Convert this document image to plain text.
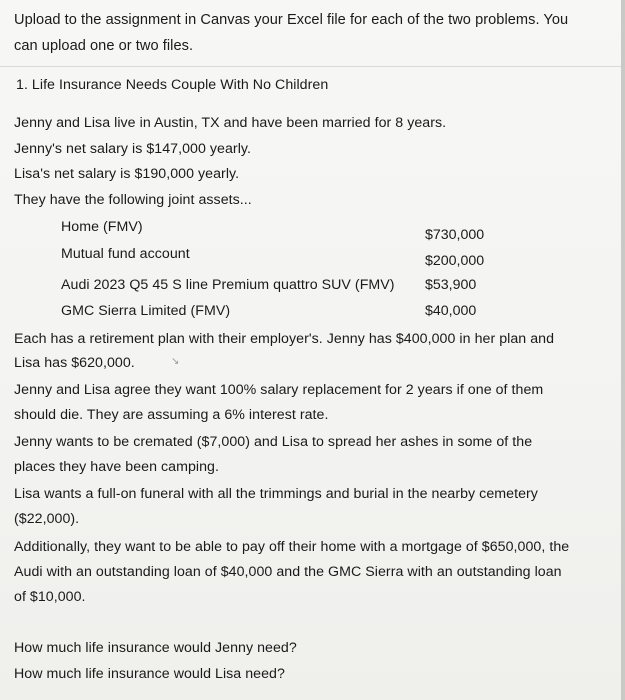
Upload to the assignment in Canvas your Excel file for each of the two problems. You
can upload one or two files.
1. Life Insurance Needs Couple With No Children
Jenny and Lisa live in Austin, TX and have been married for 8 years.
Jenny's net salary is $147,000 yearly.
Lisa's net salary is $190,000 yearly.
They have the following joint assets...
Home (FMV)	$730,000
Mutual fund account	$200,000
Audi 2023 Q5 45 S line Premium quattro SUV (FMV) $53,900
GMC Sierra Limited (FMV)	$40,000
Each has a retirement plan with their employer's. Jenny has $400,000 in her plan and
Lisa has $620,000.	↘
Jenny and Lisa agree they want 100% salary replacement for 2 years if one of them
should die. They are assuming a 6% interest rate.
Jenny wants to be cremated ($7,000) and Lisa to spread her ashes in some of the
places they have been camping.
Lisa wants a full-on funeral with all the trimmings and burial in the nearby cemetery
($22,000).
Additionally, they want to be able to pay off their home with a mortgage of $650,000, the
Audi with an outstanding loan of $40,000 and the GMC Sierra with an outstanding loan
of $10,000.
How much life insurance would Jenny need?
How much life insurance would Lisa need?
